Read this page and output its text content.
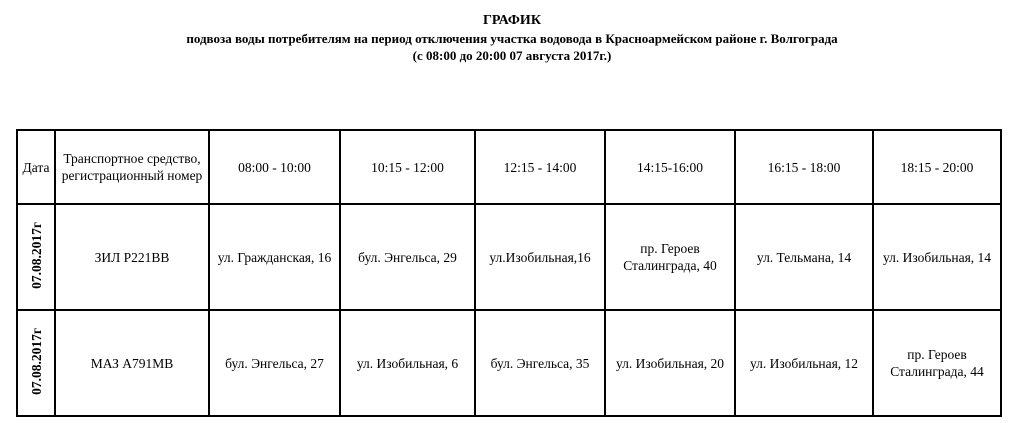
ГРАФИК
подвоза воды потребителям на период отключения участка водовода в Красноармейском районе г. Волгограда
(с 08:00 до 20:00 07 августа 2017г.)
Дата	Транспортное средство, регистрационный номер	08:00 - 10:00	10:15 - 12:00	12:15 - 14:00	14:15-16:00	16:15 - 18:00	18:15 - 20:00
07.08.2017г	ЗИЛ Р221ВВ	ул. Гражданская, 16	бул. Энгельса, 29	ул.Изобильная,16	пр. Героев Сталинграда, 40	ул. Тельмана, 14	ул. Изобильная, 14
07.08.2017г	МАЗ А791МВ	бул. Энгельса, 27	ул. Изобильная, 6	бул. Энгельса, 35	ул. Изобильная, 20	ул. Изобильная, 12	пр. Героев Сталинграда, 44
